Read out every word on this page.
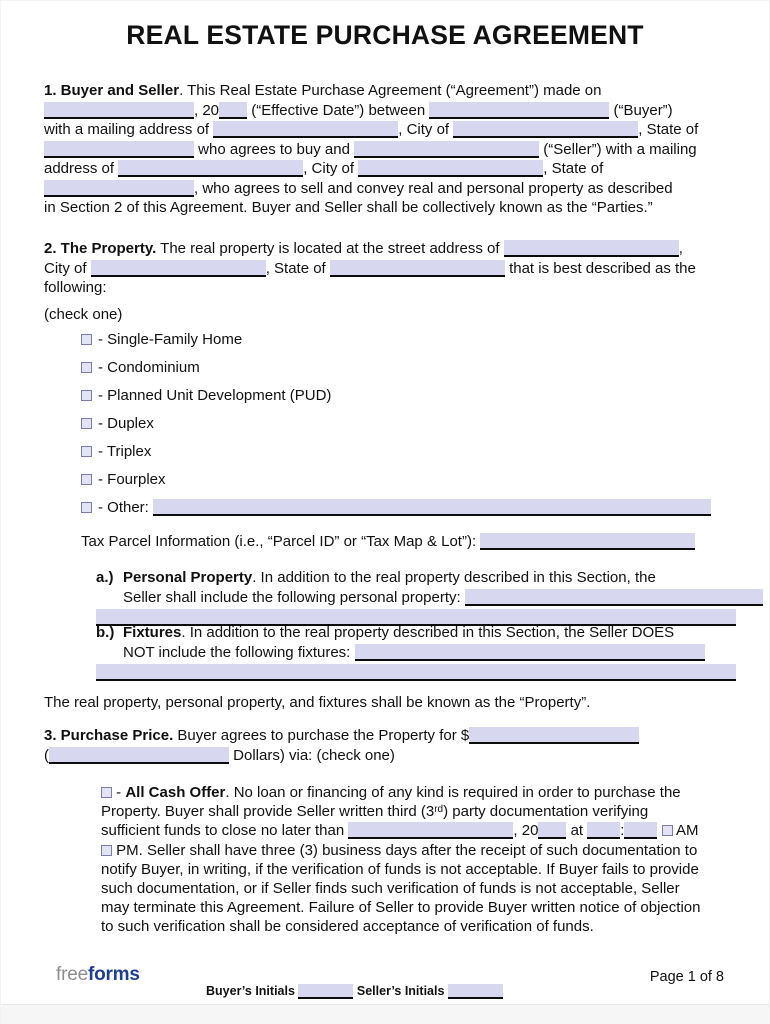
REAL ESTATE PURCHASE AGREEMENT
1. Buyer and Seller. This Real Estate Purchase Agreement (“Agreement”) made on
, 20 (“Effective Date”) between	(“Buyer”)
with a mailing address of	, City of	, State of
who agrees to buy and	(“Seller”) with a mailing
address of	, City of	, State of
, who agrees to sell and convey real and personal property as described
in Section 2 of this Agreement. Buyer and Seller shall be collectively known as the “Parties.”
2. The Property. The real property is located at the street address of	,
City of	, State of	that is best described as the
following:
(check one)
- Single-Family Home
- Condominium
- Planned Unit Development (PUD)
- Duplex
- Triplex
- Fourplex
- Other:
Tax Parcel Information (i.e., “Parcel ID” or “Tax Map & Lot”):
a.) Personal Property. In addition to the real property described in this Section, the
Seller shall include the following personal property:
b.) Fixtures. In addition to the real property described in this Section, the Seller DOES
NOT include the following fixtures:
The real property, personal property, and fixtures shall be known as the “Property”.
3. Purchase Price. Buyer agrees to purchase the Property for $
(	Dollars) via: (check one)
- All Cash Offer. No loan or financing of any kind is required in order to purchase the
Property. Buyer shall provide Seller written third (3rd) party documentation verifying
sufficient funds to close no later than	, 20 at :	AM
PM. Seller shall have three (3) business days after the receipt of such documentation to
notify Buyer, in writing, if the verification of funds is not acceptable. If Buyer fails to provide
such documentation, or if Seller finds such verification of funds is not acceptable, Seller
may terminate this Agreement. Failure of Seller to provide Buyer written notice of objection
to such verification shall be considered acceptance of verification of funds.
freeforms
Buyer’s Initials	Seller’s Initials
Page 1 of 8
